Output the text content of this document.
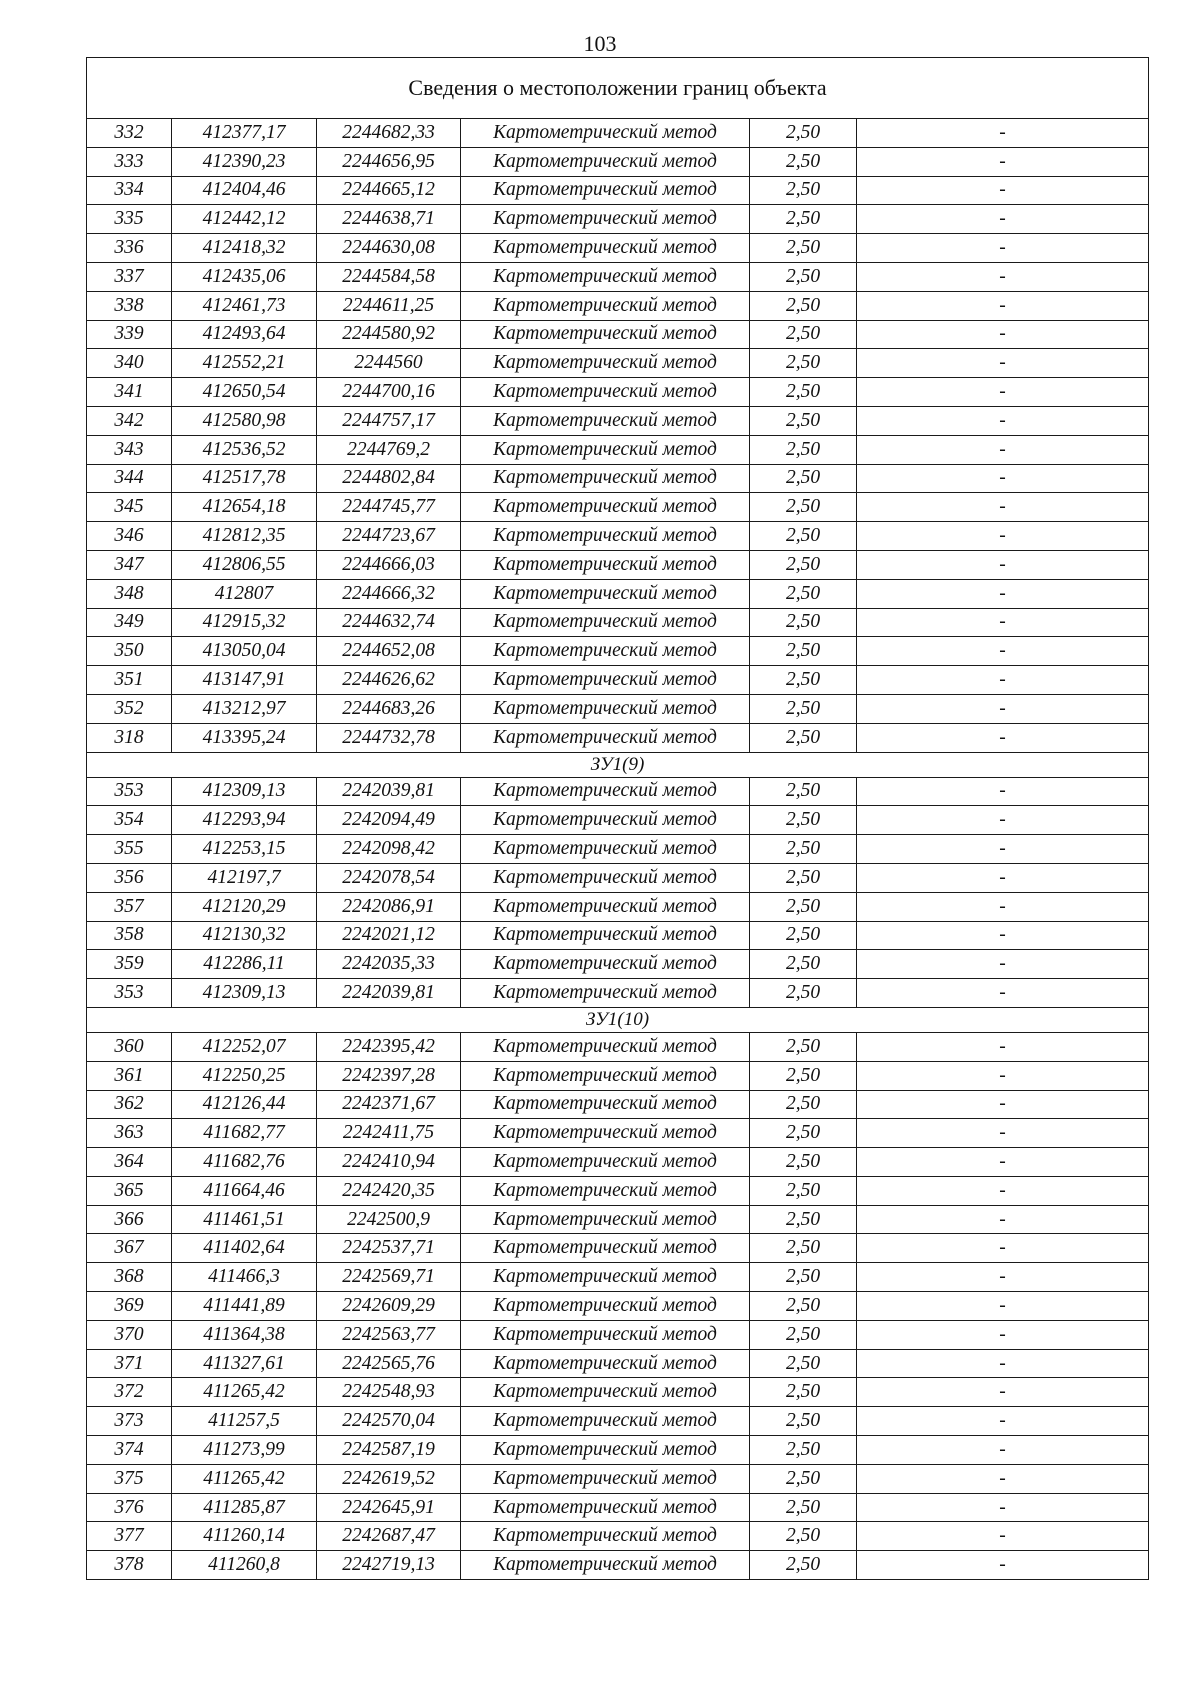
103
Сведения о местоположении границ объекта					
332	412377,17	2244682,33	Картометрический метод	2,50	-
333	412390,23	2244656,95	Картометрический метод	2,50	-
334	412404,46	2244665,12	Картометрический метод	2,50	-
335	412442,12	2244638,71	Картометрический метод	2,50	-
336	412418,32	2244630,08	Картометрический метод	2,50	-
337	412435,06	2244584,58	Картометрический метод	2,50	-
338	412461,73	2244611,25	Картометрический метод	2,50	-
339	412493,64	2244580,92	Картометрический метод	2,50	-
340	412552,21	2244560	Картометрический метод	2,50	-
341	412650,54	2244700,16	Картометрический метод	2,50	-
342	412580,98	2244757,17	Картометрический метод	2,50	-
343	412536,52	2244769,2	Картометрический метод	2,50	-
344	412517,78	2244802,84	Картометрический метод	2,50	-
345	412654,18	2244745,77	Картометрический метод	2,50	-
346	412812,35	2244723,67	Картометрический метод	2,50	-
347	412806,55	2244666,03	Картометрический метод	2,50	-
348	412807	2244666,32	Картометрический метод	2,50	-
349	412915,32	2244632,74	Картометрический метод	2,50	-
350	413050,04	2244652,08	Картометрический метод	2,50	-
351	413147,91	2244626,62	Картометрический метод	2,50	-
352	413212,97	2244683,26	Картометрический метод	2,50	-
318	413395,24	2244732,78	Картометрический метод	2,50	-
ЗУ1(9)					
353	412309,13	2242039,81	Картометрический метод	2,50	-
354	412293,94	2242094,49	Картометрический метод	2,50	-
355	412253,15	2242098,42	Картометрический метод	2,50	-
356	412197,7	2242078,54	Картометрический метод	2,50	-
357	412120,29	2242086,91	Картометрический метод	2,50	-
358	412130,32	2242021,12	Картометрический метод	2,50	-
359	412286,11	2242035,33	Картометрический метод	2,50	-
353	412309,13	2242039,81	Картометрический метод	2,50	-
ЗУ1(10)					
360	412252,07	2242395,42	Картометрический метод	2,50	-
361	412250,25	2242397,28	Картометрический метод	2,50	-
362	412126,44	2242371,67	Картометрический метод	2,50	-
363	411682,77	2242411,75	Картометрический метод	2,50	-
364	411682,76	2242410,94	Картометрический метод	2,50	-
365	411664,46	2242420,35	Картометрический метод	2,50	-
366	411461,51	2242500,9	Картометрический метод	2,50	-
367	411402,64	2242537,71	Картометрический метод	2,50	-
368	411466,3	2242569,71	Картометрический метод	2,50	-
369	411441,89	2242609,29	Картометрический метод	2,50	-
370	411364,38	2242563,77	Картометрический метод	2,50	-
371	411327,61	2242565,76	Картометрический метод	2,50	-
372	411265,42	2242548,93	Картометрический метод	2,50	-
373	411257,5	2242570,04	Картометрический метод	2,50	-
374	411273,99	2242587,19	Картометрический метод	2,50	-
375	411265,42	2242619,52	Картометрический метод	2,50	-
376	411285,87	2242645,91	Картометрический метод	2,50	-
377	411260,14	2242687,47	Картометрический метод	2,50	-
378	411260,8	2242719,13	Картометрический метод	2,50	-
